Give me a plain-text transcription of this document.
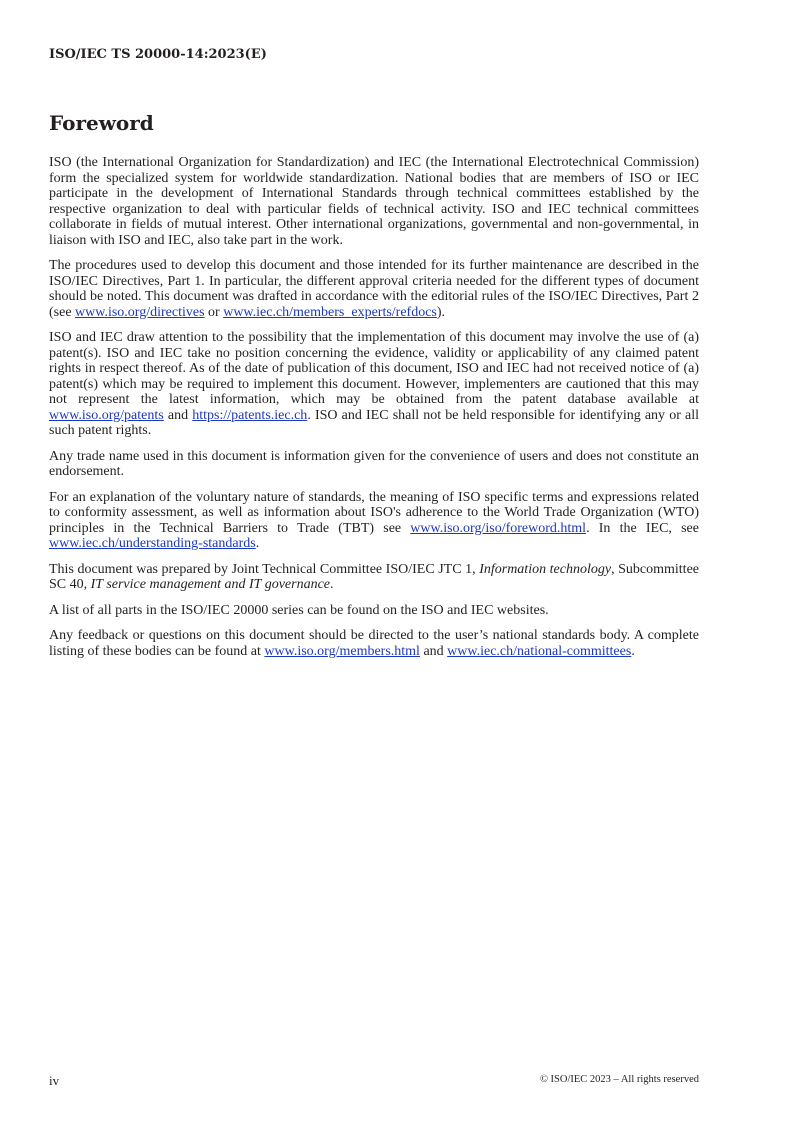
ISO/IEC TS 20000-14:2023(E)
Foreword

ISO (the International Organization for Standardization) and IEC (the International Electrotechnical Commission) form the specialized system for worldwide standardization. National bodies that are members of ISO or IEC participate in the development of International Standards through technical committees established by the respective organization to deal with particular fields of technical activity. ISO and IEC technical committees collaborate in fields of mutual interest. Other international organizations, governmental and non-governmental, in liaison with ISO and IEC, also take part in the work.

The procedures used to develop this document and those intended for its further maintenance are described in the ISO/IEC Directives, Part 1. In particular, the different approval criteria needed for the different types of document should be noted. This document was drafted in accordance with the editorial rules of the ISO/IEC Directives, Part 2 (see www.iso.org/directives or www.iec.ch/members_experts/refdocs).

ISO and IEC draw attention to the possibility that the implementation of this document may involve the use of (a) patent(s). ISO and IEC take no position concerning the evidence, validity or applicability of any claimed patent rights in respect thereof. As of the date of publication of this document, ISO and IEC had not received notice of (a) patent(s) which may be required to implement this document. However, implementers are cautioned that this may not represent the latest information, which may be obtained from the patent database available at www.iso.org/patents and https://patents.iec.ch. ISO and IEC shall not be held responsible for identifying any or all such patent rights.

Any trade name used in this document is information given for the convenience of users and does not constitute an endorsement.

For an explanation of the voluntary nature of standards, the meaning of ISO specific terms and expressions related to conformity assessment, as well as information about ISO's adherence to the World Trade Organization (WTO) principles in the Technical Barriers to Trade (TBT) see www.iso.org/iso/foreword.html. In the IEC, see www.iec.ch/understanding-standards.

This document was prepared by Joint Technical Committee ISO/IEC JTC 1, Information technology, Subcommittee SC 40, IT service management and IT governance.

A list of all parts in the ISO/IEC 20000 series can be found on the ISO and IEC websites.

Any feedback or questions on this document should be directed to the user’s national standards body. A complete listing of these bodies can be found at www.iso.org/members.html and www.iec.ch/national-committees.

iv	© ISO/IEC 2023 – All rights reserved
